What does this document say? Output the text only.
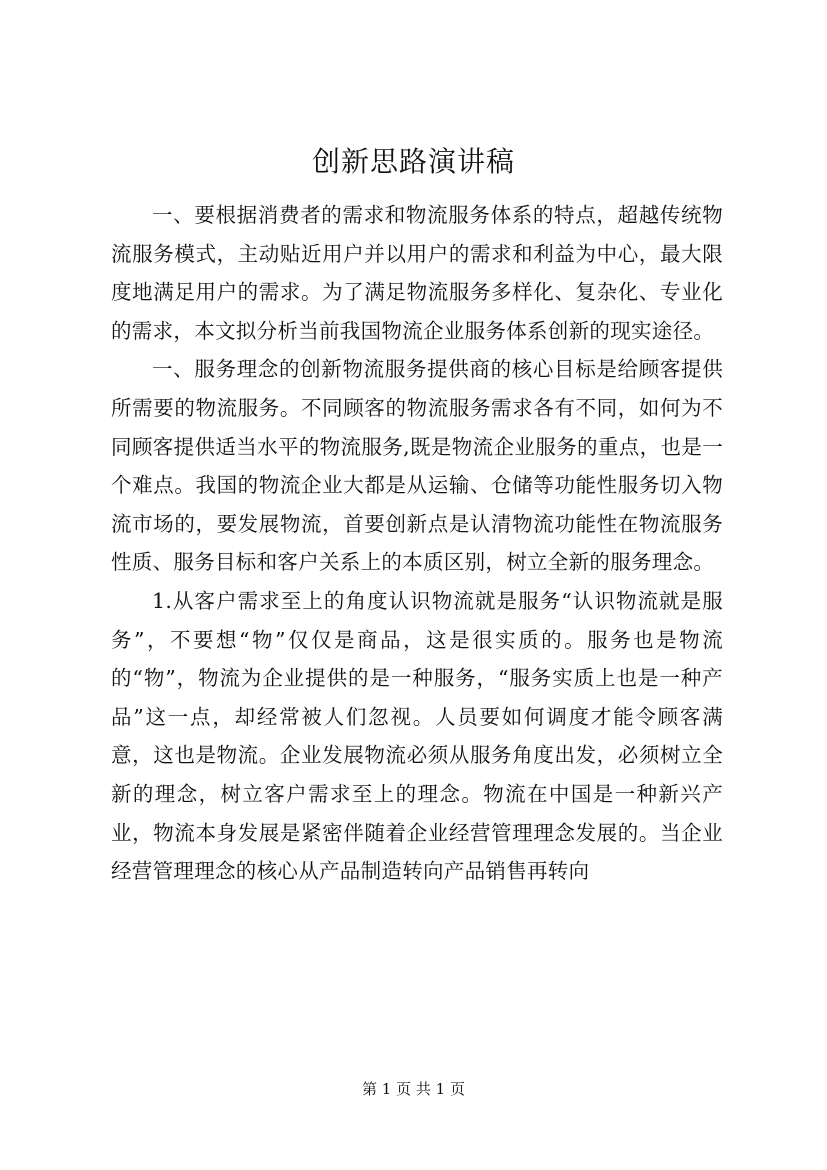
创新思路演讲稿

一、要根据消费者的需求和物流服务体系的特点，超越传统物流服务模式，主动贴近用户并以用户的需求和利益为中心，最大限度地满足用户的需求。为了满足物流服务多样化、复杂化、专业化的需求，本文拟分析当前我国物流企业服务体系创新的现实途径。

一、服务理念的创新物流服务提供商的核心目标是给顾客提供所需要的物流服务。不同顾客的物流服务需求各有不同，如何为不同顾客提供适当水平的物流服务,既是物流企业服务的重点，也是一个难点。我国的物流企业大都是从运输、仓储等功能性服务切入物流市场的，要发展物流，首要创新点是认清物流功能性在物流服务性质、服务目标和客户关系上的本质区别，树立全新的服务理念。

1.从客户需求至上的角度认识物流就是服务“认识物流就是服务”，不要想“物”仅仅是商品，这是很实质的。服务也是物流的“物”，物流为企业提供的是一种服务，“服务实质上也是一种产品”这一点，却经常被人们忽视。人员要如何调度才能令顾客满意，这也是物流。企业发展物流必须从服务角度出发，必须树立全新的理念，树立客户需求至上的理念。物流在中国是一种新兴产业，物流本身发展是紧密伴随着企业经营管理理念发展的。当企业经营管理理念的核心从产品制造转向产品销售再转向

第 1 页 共 1 页
